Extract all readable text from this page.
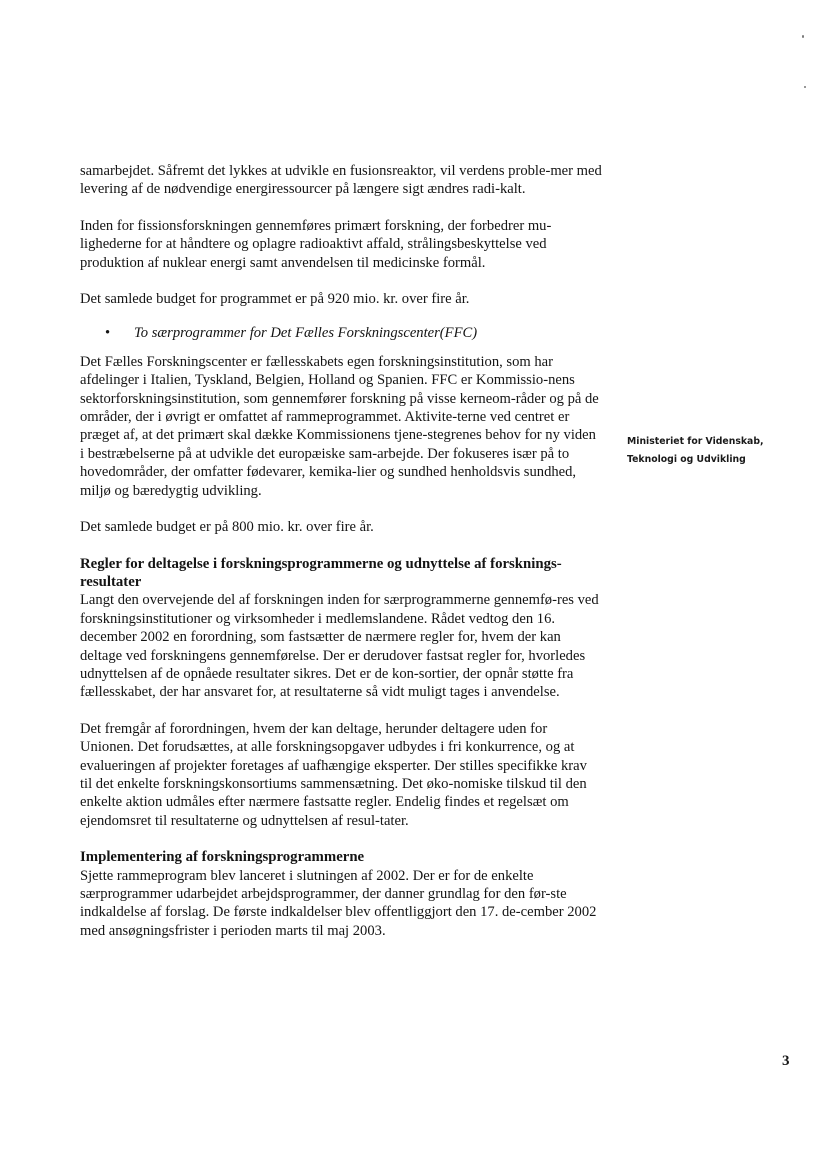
samarbejdet. Såfremt det lykkes at udvikle en fusionsreaktor, vil verdens proble-mer med levering af de nødvendige energiressourcer på længere sigt ændres radi-kalt.

Inden for fissionsforskningen gennemføres primært forskning, der forbedrer mu-lighederne for at håndtere og oplagre radioaktivt affald, strålingsbeskyttelse ved produktion af nuklear energi samt anvendelsen til medicinske formål.

Det samlede budget for programmet er på 920 mio. kr. over fire år.

• To særprogrammer for Det Fælles Forskningscenter(FFC)

Det Fælles Forskningscenter er fællesskabets egen forskningsinstitution, som har afdelinger i Italien, Tyskland, Belgien, Holland og Spanien. FFC er Kommissio-nens sektorforskningsinstitution, som gennemfører forskning på visse kerneom-råder og på de områder, der i øvrigt er omfattet af rammeprogrammet. Aktivite-terne ved centret er præget af, at det primært skal dække Kommissionens tjene-stegrenes behov for ny viden i bestræbelserne på at udvikle det europæiske sam-arbejde. Der fokuseres især på to hovedområder, der omfatter fødevarer, kemika-lier og sundhed henholdsvis sundhed, miljø og bæredygtig udvikling.

Det samlede budget er på 800 mio. kr. over fire år.

Regler for deltagelse i forskningsprogrammerne og udnyttelse af forsknings-resultater

Langt den overvejende del af forskningen inden for særprogrammerne gennemfø-res ved forskningsinstitutioner og virksomheder i medlemslandene. Rådet vedtog den 16. december 2002 en forordning, som fastsætter de nærmere regler for, hvem der kan deltage ved forskningens gennemførelse. Der er derudover fastsat regler for, hvorledes udnyttelsen af de opnåede resultater sikres. Det er de kon-sortier, der opnår støtte fra fællesskabet, der har ansvaret for, at resultaterne så vidt muligt tages i anvendelse.

Det fremgår af forordningen, hvem der kan deltage, herunder deltagere uden for Unionen. Det forudsættes, at alle forskningsopgaver udbydes i fri konkurrence, og at evalueringen af projekter foretages af uafhængige eksperter. Der stilles specifikke krav til det enkelte forskningskonsortiums sammensætning. Det øko-nomiske tilskud til den enkelte aktion udmåles efter nærmere fastsatte regler. Endelig findes et regelsæt om ejendomsret til resultaterne og udnyttelsen af resul-tater.

Implementering af forskningsprogrammerne

Sjette rammeprogram blev lanceret i slutningen af 2002. Der er for de enkelte særprogrammer udarbejdet arbejdsprogrammer, der danner grundlag for den før-ste indkaldelse af forslag. De første indkaldelser blev offentliggjort den 17. de-cember 2002 med ansøgningsfrister i perioden marts til maj 2003.

Ministeriet for Videnskab,
Teknologi og Udvikling
3
